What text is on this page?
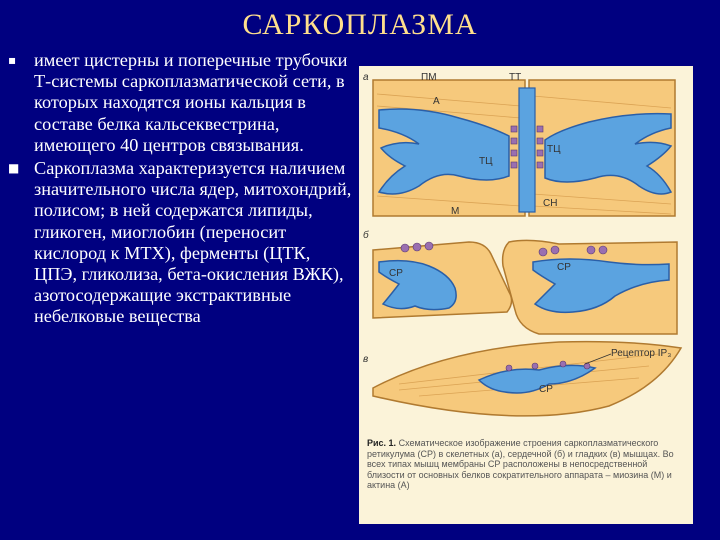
САРКОПЛАЗМА
▪ имеет цистерны и поперечные трубочки Т-системы саркоплазматической сети, в которых находятся ионы кальция в составе белка кальсеквестрина, имеющего 40 центров связывания.
■ Саркоплазма характеризуется наличием значительного числа ядер, митохондрий, полисом; в ней содержатся липиды, гликоген, миоглобин (переносит кислород к МТХ), ферменты (ЦТК, ЦПЭ, гликолиза, бета-окисления ВЖК), азотосодержащие экстрактивные небелковые вещества
а	ПМ	ТТ
А
ТЦ
ТЦ
М
СН
б
СР
СР
в
Рецептор IP₃
СР
Рис. 1. Схематическое изображение строения саркоплазматического ретикулума (СР) в скелетных (а), сердечной (б) и гладких (в) мышцах. Во всех типах мышц мембраны СР расположены в непосредственной близости от основных белков сократительного аппарата – миозина (М) и актина (А)
